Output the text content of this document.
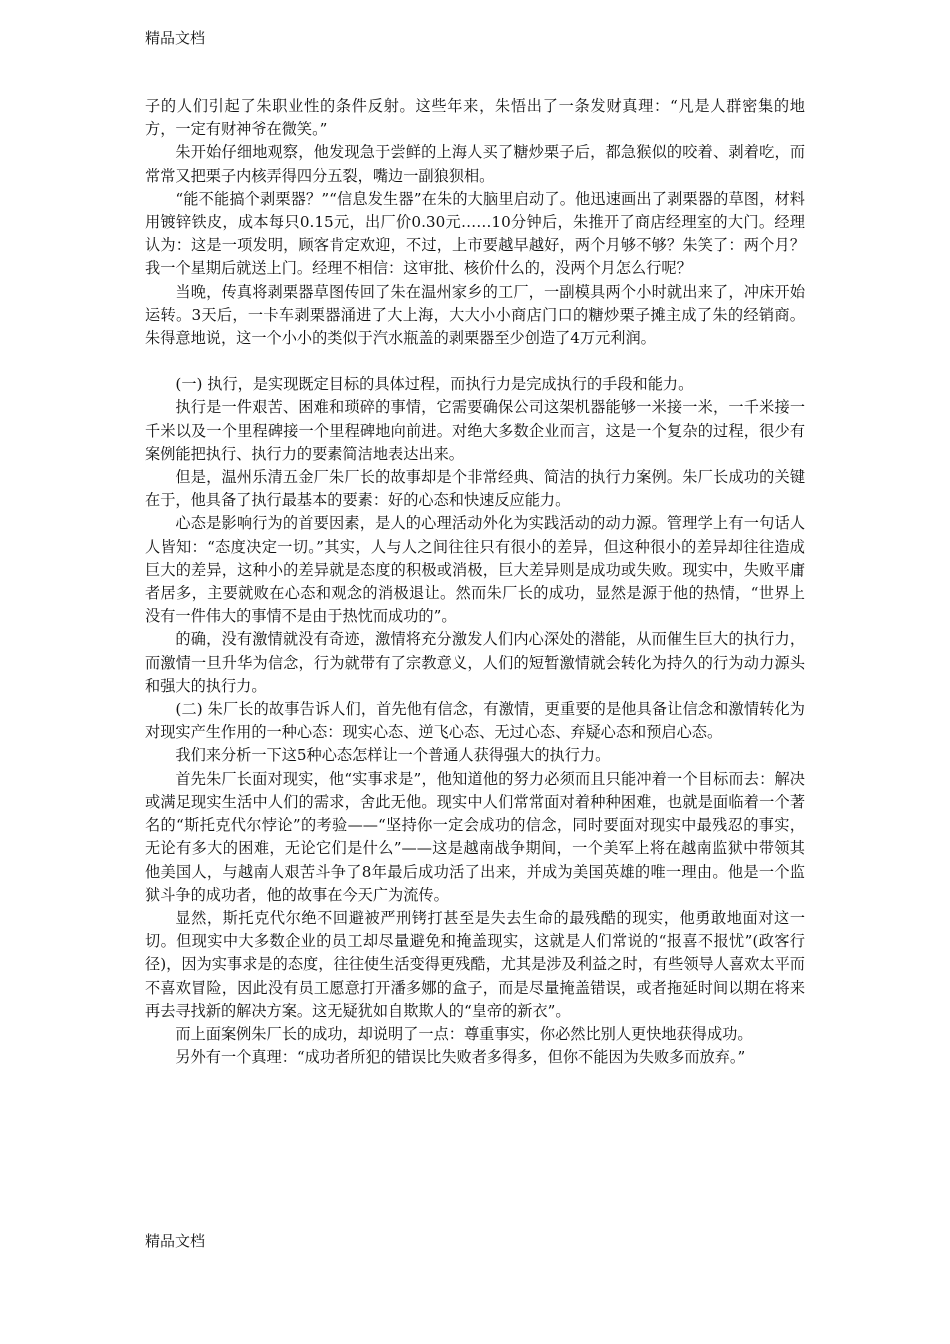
精品文档

子的人们引起了朱职业性的条件反射。这些年来，朱悟出了一条发财真理：“凡是人群密集的地方，一定有财神爷在微笑。”

朱开始仔细地观察，他发现急于尝鲜的上海人买了糖炒栗子后，都急猴似的咬着、剥着吃，而常常又把栗子内核弄得四分五裂，嘴边一副狼狈相。

“能不能搞个剥栗器？”“信息发生器”在朱的大脑里启动了。他迅速画出了剥栗器的草图，材料用镀锌铁皮，成本每只0.15元，出厂价0.30元……10分钟后，朱推开了商店经理室的大门。经理认为：这是一项发明，顾客肯定欢迎，不过，上市要越早越好，两个月够不够？朱笑了：两个月？我一个星期后就送上门。经理不相信：这审批、核价什么的，没两个月怎么行呢？

当晚，传真将剥栗器草图传回了朱在温州家乡的工厂，一副模具两个小时就出来了，冲床开始运转。3天后，一卡车剥栗器涌进了大上海，大大小小商店门口的糖炒栗子摊主成了朱的经销商。朱得意地说，这一个小小的类似于汽水瓶盖的剥栗器至少创造了4万元利润。

(一) 执行，是实现既定目标的具体过程，而执行力是完成执行的手段和能力。

执行是一件艰苦、困难和琐碎的事情，它需要确保公司这架机器能够一米接一米，一千米接一千米以及一个里程碑接一个里程碑地向前进。对绝大多数企业而言，这是一个复杂的过程，很少有案例能把执行、执行力的要素简洁地表达出来。

但是，温州乐清五金厂朱厂长的故事却是个非常经典、简洁的执行力案例。朱厂长成功的关键在于，他具备了执行最基本的要素：好的心态和快速反应能力。

心态是影响行为的首要因素，是人的心理活动外化为实践活动的动力源。管理学上有一句话人人皆知：“态度决定一切。”其实，人与人之间往往只有很小的差异，但这种很小的差异却往往造成巨大的差异，这种小的差异就是态度的积极或消极，巨大差异则是成功或失败。现实中，失败平庸者居多，主要就败在心态和观念的消极退让。然而朱厂长的成功，显然是源于他的热情，“世界上没有一件伟大的事情不是由于热忱而成功的”。

的确，没有激情就没有奇迹，激情将充分激发人们内心深处的潜能，从而催生巨大的执行力，而激情一旦升华为信念，行为就带有了宗教意义，人们的短暂激情就会转化为持久的行为动力源头和强大的执行力。

(二) 朱厂长的故事告诉人们，首先他有信念，有激情，更重要的是他具备让信念和激情转化为对现实产生作用的一种心态：现实心态、逆飞心态、无过心态、弃疑心态和预启心态。

我们来分析一下这5种心态怎样让一个普通人获得强大的执行力。

首先朱厂长面对现实，他“实事求是”，他知道他的努力必须而且只能冲着一个目标而去：解决或满足现实生活中人们的需求，舍此无他。现实中人们常常面对着种种困难，也就是面临着一个著名的“斯托克代尔悖论”的考验——“坚持你一定会成功的信念，同时要面对现实中最残忍的事实，无论有多大的困难，无论它们是什么”——这是越南战争期间，一个美军上将在越南监狱中带领其他美国人，与越南人艰苦斗争了8年最后成功活了出来，并成为美国英雄的唯一理由。他是一个监狱斗争的成功者，他的故事在今天广为流传。

显然，斯托克代尔绝不回避被严刑铐打甚至是失去生命的最残酷的现实，他勇敢地面对这一切。但现实中大多数企业的员工却尽量避免和掩盖现实，这就是人们常说的“报喜不报忧”(政客行径)，因为实事求是的态度，往往使生活变得更残酷，尤其是涉及利益之时，有些领导人喜欢太平而不喜欢冒险，因此没有员工愿意打开潘多娜的盒子，而是尽量掩盖错误，或者拖延时间以期在将来再去寻找新的解决方案。这无疑犹如自欺欺人的“皇帝的新衣”。

而上面案例朱厂长的成功，却说明了一点：尊重事实，你必然比别人更快地获得成功。

另外有一个真理：“成功者所犯的错误比失败者多得多，但你不能因为失败多而放弃。”

精品文档
